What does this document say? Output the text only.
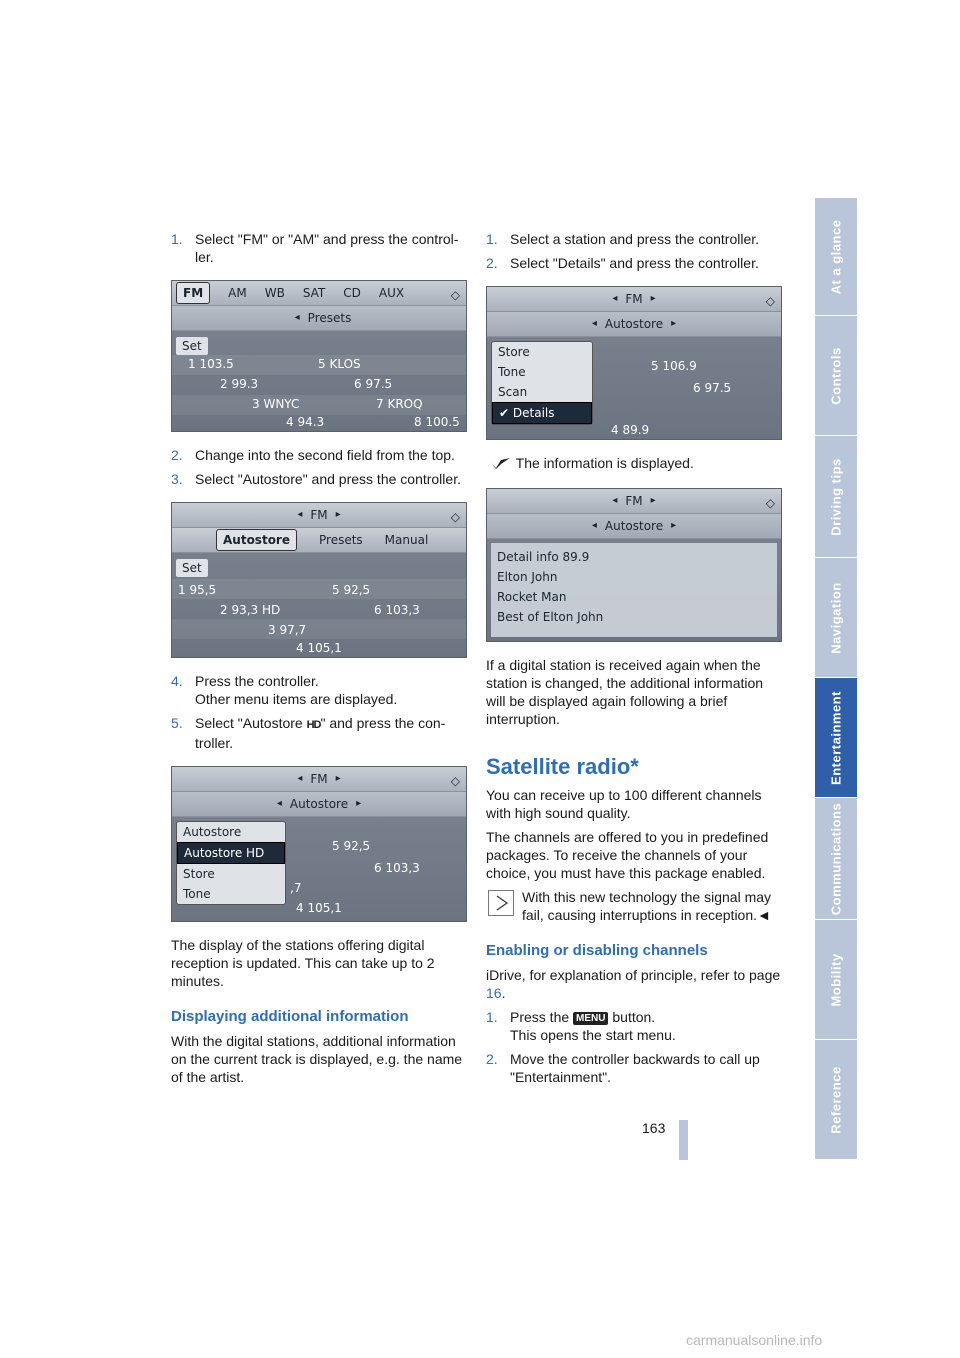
1. Select "FM" or "AM" and press the controller.
FM	AM WB SAT CD AUX	◇
◂ Presets
Set
1 103.5	5 KLOS
2 99.3	6 97.5
3 WNYC	7 KROQ
4 94.3	8 100.5
2. Change into the second field from the top.
3. Select "Autostore" and press the controller.
◂ FM ▸	◇
Autostore	Presets Manual
Set
1 95,5	5 92,5
2 93,3 HD	6 103,3
3 97,7
4 105,1
4. Press the controller.
Other menu items are displayed.
5. Select "Autostore HD" and press the controller.
◂ FM ▸	◇
◂ Autostore ▸
5 92,5
6 103,3
,7
4 105,1
Autostore
Autostore HD
Store
Tone

The display of the stations offering digital reception is updated. This can take up to 2 minutes.

Displaying additional information

With the digital stations, additional information on the current track is displayed, e.g. the name of the artist.

1. Select a station and press the controller.
2. Select "Details" and press the controller.
◂ FM ▸	◇
◂ Autostore ▸
5 106.9
6 97.5
4 89.9
Store
Tone
Scan
✔ Details

The information is displayed.

◂ FM ▸	◇
◂ Autostore ▸
Detail info 89.9
Elton John
Rocket Man
Best of Elton John

If a digital station is received again when the station is changed, the additional information will be displayed again following a brief interruption.

Satellite radio*

You can receive up to 100 different channels with high sound quality.

The channels are offered to you in predefined packages. To receive the channels of your choice, you must have this package enabled.

With this new technology the signal may fail, causing interruptions in reception.◄
Enabling or disabling channels

iDrive, for explanation of principle, refer to page 16.

1. Press the MENU button.
This opens the start menu.
2. Move the controller backwards to call up "Entertainment".
At a glance
Controls
Driving tips
Navigation
Entertainment
Communications
Mobility
Reference
163
carmanualsonline.info
